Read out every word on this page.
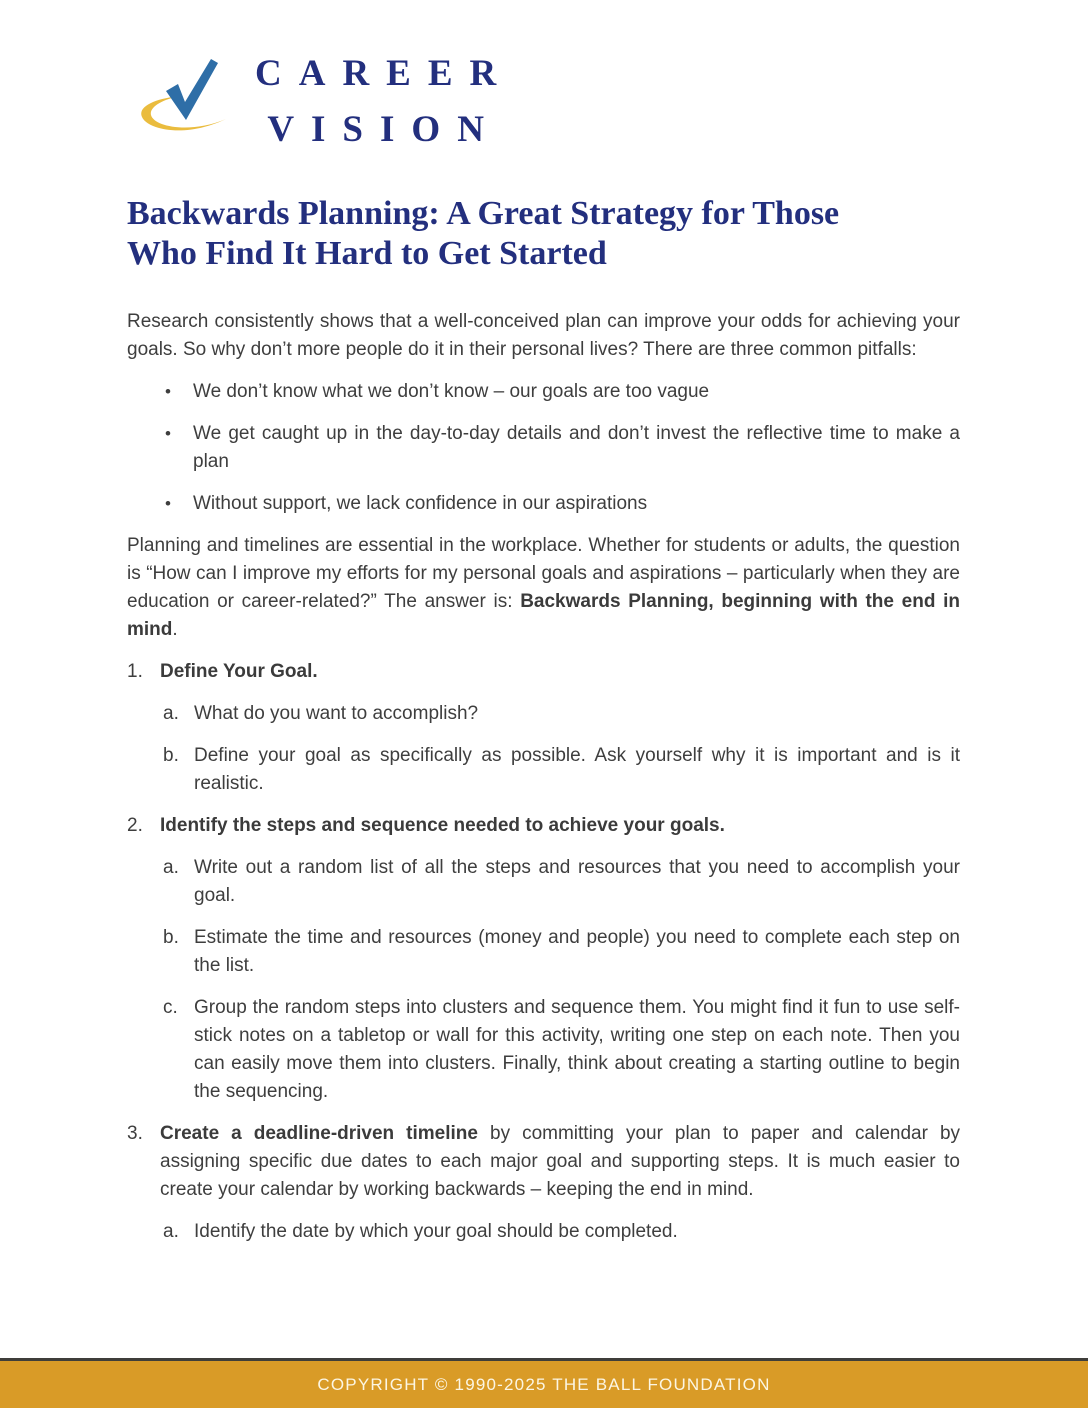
CAREER
VISION
Backwards Planning: A Great Strategy for Those
Who Find It Hard to Get Started

Research consistently shows that a well-conceived plan can improve your odds for achieving your goals. So why don’t more people do it in their personal lives? There are three common pitfalls:

•	We don’t know what we don’t know – our goals are too vague
•	We get caught up in the day-to-day details and don’t invest the reflective time to make a plan
•	Without support, we lack confidence in our aspirations

Planning and timelines are essential in the workplace. Whether for students or adults, the question is “How can I improve my efforts for my personal goals and aspirations – particularly when they are education or career-related?” The answer is: Backwards Planning, beginning with the end in mind.

1. Define Your Goal.
a. What do you want to accomplish?
b. Define your goal as specifically as possible. Ask yourself why it is important and is it realistic.
2. Identify the steps and sequence needed to achieve your goals.
a. Write out a random list of all the steps and resources that you need to accomplish your goal.
b. Estimate the time and resources (money and people) you need to complete each step on the list.
c. Group the random steps into clusters and sequence them. You might find it fun to use self-stick notes on a tabletop or wall for this activity, writing one step on each note. Then you can easily move them into clusters. Finally, think about creating a starting outline to begin the sequencing.
3. Create a deadline-driven timeline by committing your plan to paper and calendar by assigning specific due dates to each major goal and supporting steps. It is much easier to create your calendar by working backwards – keeping the end in mind.
a. Identify the date by which your goal should be completed.
COPYRIGHT © 1990-2025 THE BALL FOUNDATION
